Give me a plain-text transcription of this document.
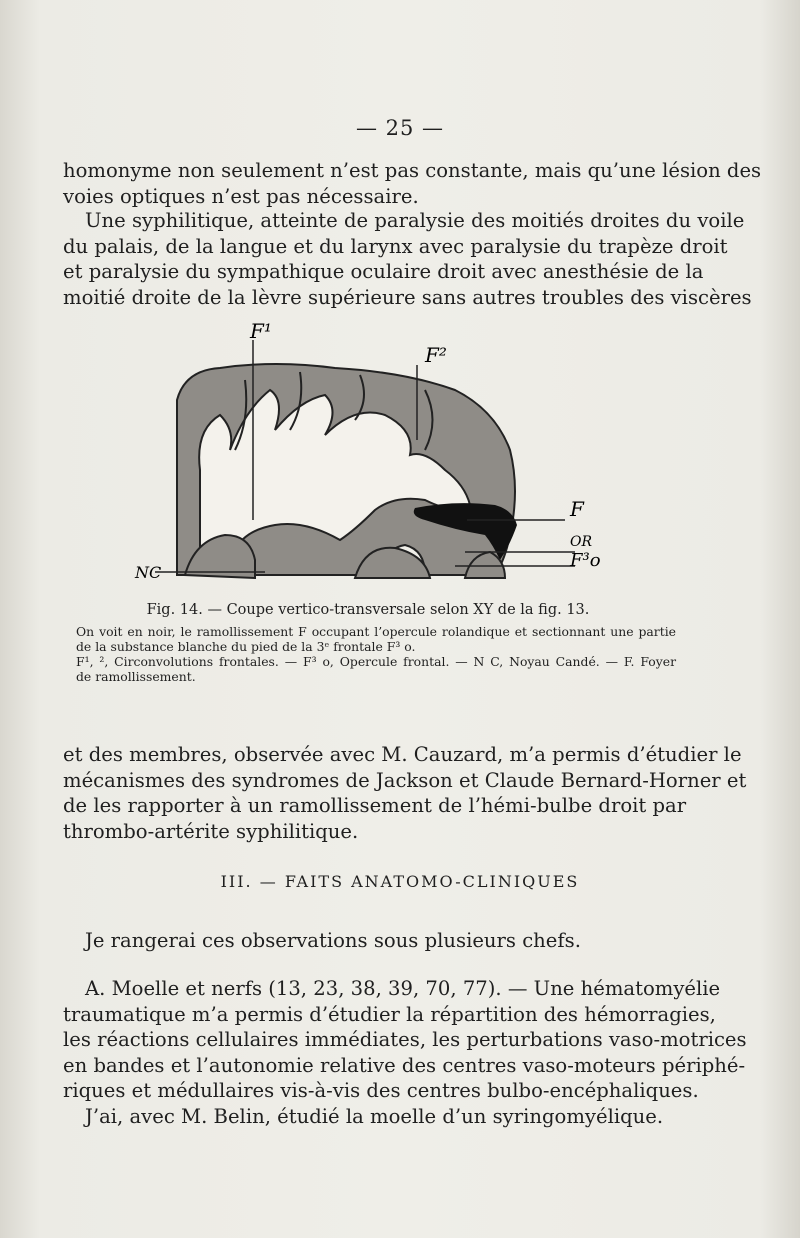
— 25 —
homonyme non seulement n’est pas constante, mais qu’une lésion des
voies optiques n’est pas nécessaire.
Une syphilitique, atteinte de paralysie des moitiés droites du voile
du palais, de la langue et du larynx avec paralysie du trapèze droit
et paralysie du sympathique oculaire droit avec anesthésie de la
moitié droite de la lèvre supérieure sans autres troubles des viscères
F¹
F²
F
OR
F³o
NC
Fig. 14. — Coupe vertico-transversale selon XY de la fig. 13.
On voit en noir, le ramollissement F occupant l’opercule rolandique et sectionnant une partie
de la substance blanche du pied de la 3ᵉ frontale F³ o.
F¹, ², Circonvolutions frontales. — F³ o, Opercule frontal. — N C, Noyau Candé. — F. Foyer
de ramollissement.
et des membres, observée avec M. Cauzard, m’a permis d’étudier le
mécanismes des syndromes de Jackson et Claude Bernard-Horner et
de les rapporter à un ramollissement de l’hémi-bulbe droit par
thrombo-artérite syphilitique.
III. — FAITS ANATOMO-CLINIQUES
Je rangerai ces observations sous plusieurs chefs.
A. Moelle et nerfs (13, 23, 38, 39, 70, 77). — Une hématomyélie
traumatique m’a permis d’étudier la répartition des hémorragies,
les réactions cellulaires immédiates, les perturbations vaso-motrices
en bandes et l’autonomie relative des centres vaso-moteurs périphé-
riques et médullaires vis-à-vis des centres bulbo-encéphaliques.
J’ai, avec M. Belin, étudié la moelle d’un syringomyélique.
